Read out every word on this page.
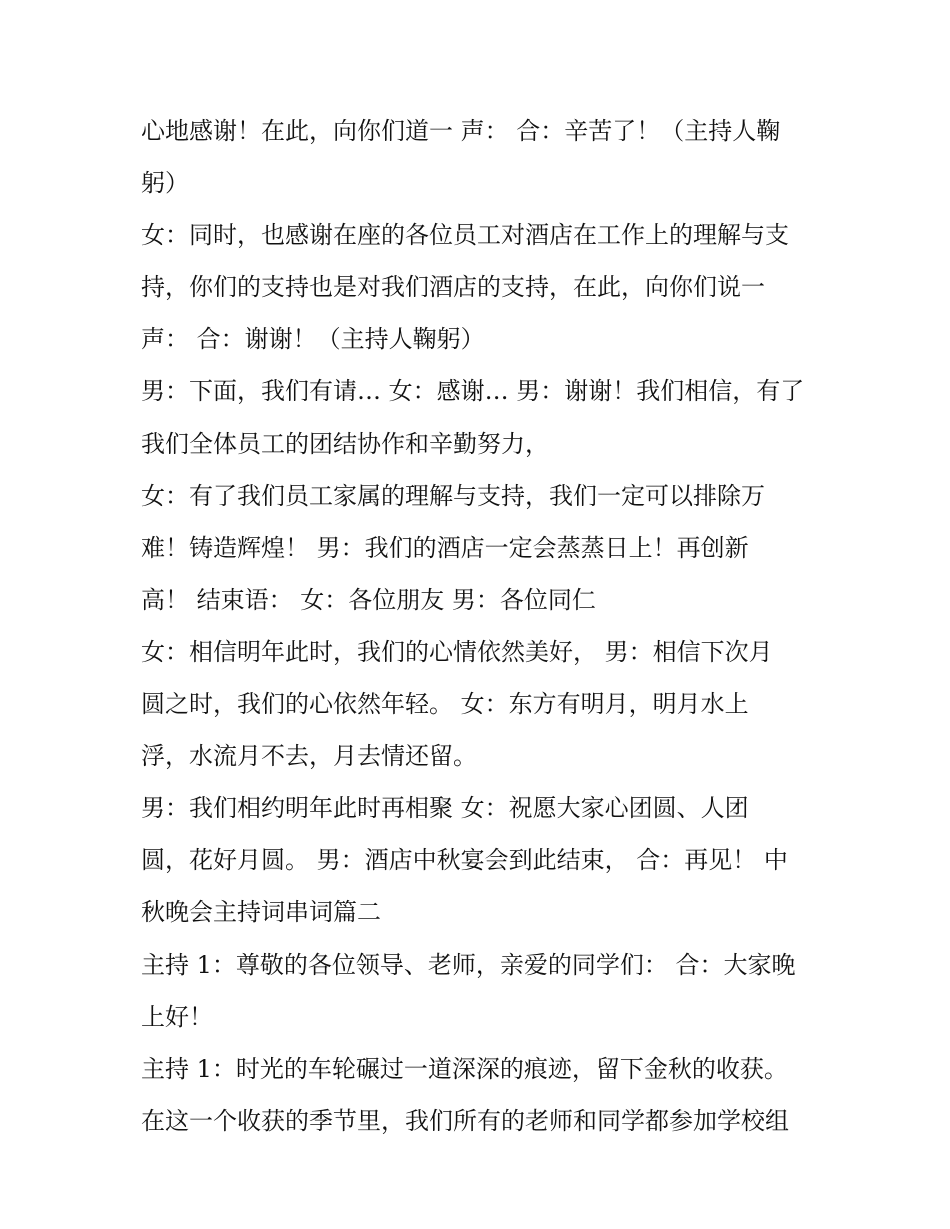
心地感谢！在此，向你们道一 声： 合：辛苦了！（主持人鞠
躬）
女：同时，也感谢在座的各位员工对酒店在工作上的理解与支
持，你们的支持也是对我们酒店的支持，在此，向你们说一
声： 合：谢谢！（主持人鞠躬）
男：下面，我们有请… 女：感谢… 男：谢谢！我们相信，有了
我们全体员工的团结协作和辛勤努力，
女：有了我们员工家属的理解与支持，我们一定可以排除万
难！铸造辉煌！ 男：我们的酒店一定会蒸蒸日上！再创新
高！ 结束语： 女：各位朋友 男：各位同仁
女：相信明年此时，我们的心情依然美好， 男：相信下次月
圆之时，我们的心依然年轻。 女：东方有明月，明月水上
浮，水流月不去，月去情还留。
男：我们相约明年此时再相聚 女：祝愿大家心团圆、人团
圆，花好月圆。 男：酒店中秋宴会到此结束， 合：再见！ 中
秋晚会主持词串词篇二
主持 1：尊敬的各位领导、老师，亲爱的同学们： 合：大家晚
上好！
主持 1：时光的车轮碾过一道深深的痕迹，留下金秋的收获。
在这一个收获的季节里，我们所有的老师和同学都参加学校组
